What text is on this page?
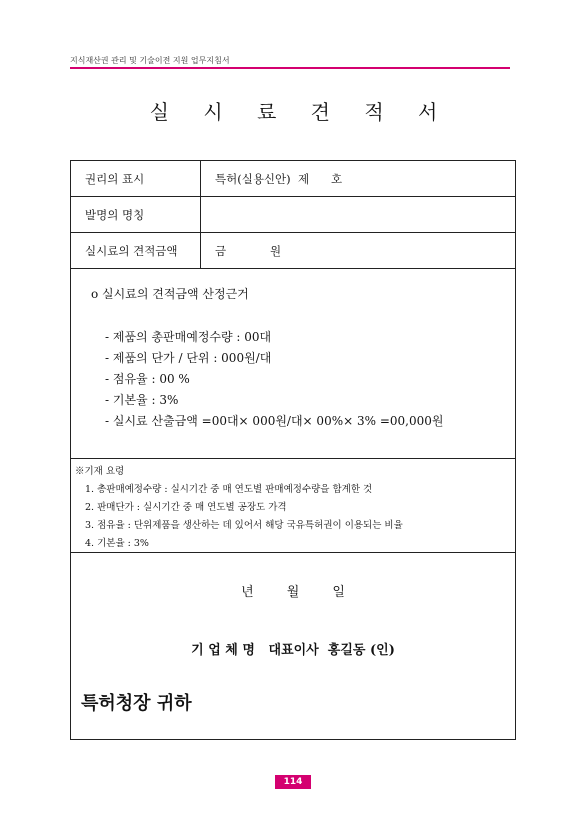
지식재산권 관리 및 기술이전 지원 업무지침서
실 시 료 견 적 서
권리의 표시	특허(실용신안)  제      호
발명의 명칭
실시료의 견적금액	금            원
o 실시료의 견적금액 산정근거
- 제품의 총판매예정수량 : 00대
- 제품의 단가 / 단위 : 000원/대
- 점유율 : 00 %
- 기본율 : 3%
- 실시료 산출금액 =00대× 000원/대× 00%× 3% =00,000원
※기재 요령
1. 총판매예정수량 : 실시기간 중 매 연도별 판매예정수량을 합계한 것
2. 판매단가 : 실시기간 중 매 연도별 공장도 가격
3. 점유율 : 단위제품을 생산하는 데 있어서 해당 국유특허권이 이용되는 비율
4. 기본율 : 3%
년        월        일
기 업 체 명   대표이사  홍길동 (인)
특허청장 귀하
114
